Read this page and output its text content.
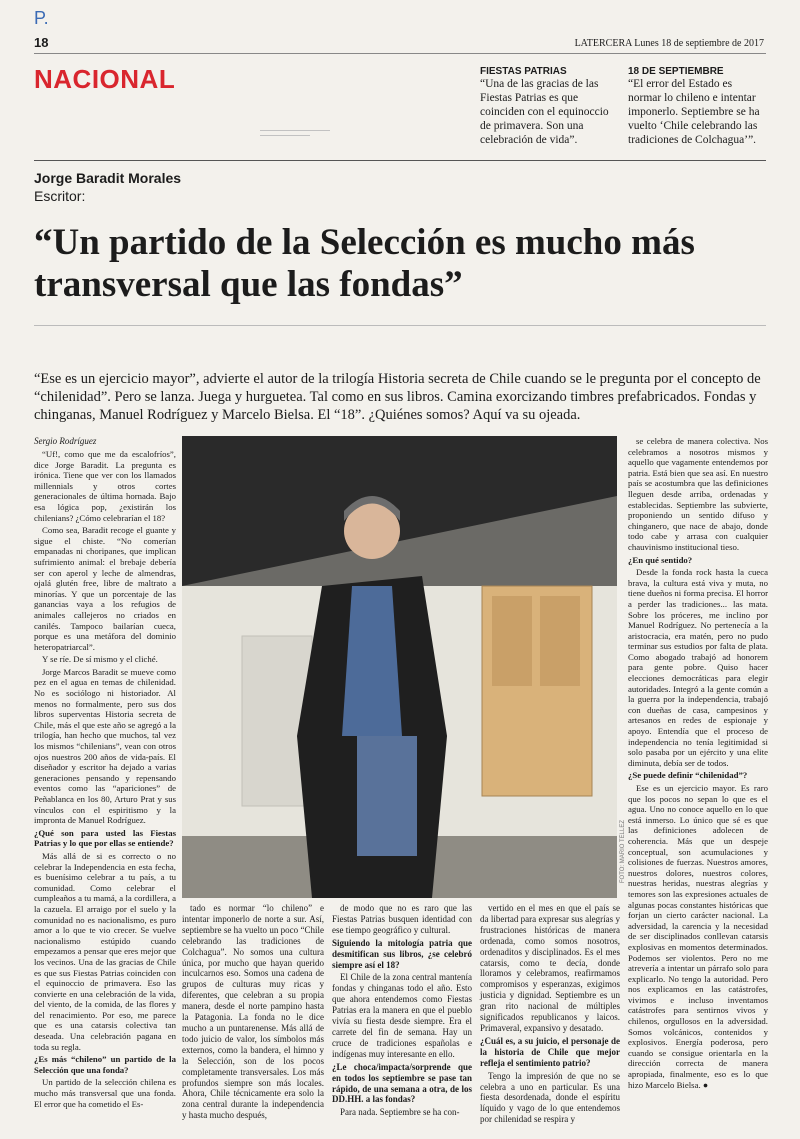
P.
18	LATERCERA Lunes 18 de septiembre de 2017
NACIONAL	FIESTAS PATRIAS
“Una de las gracias de las Fiestas Patrias es que coinciden con el equinoccio de primavera. Son una celebración de vida”.
18 DE SEPTIEMBRE
“El error del Estado es normar lo chileno e intentar imponerlo. Septiembre se ha vuelto ‘Chile celebrando las tradiciones de Colchagua’”.
Jorge Baradit Morales
Escritor:
“Un partido de la Selección es mucho más transversal que las fondas”
“Ese es un ejercicio mayor”, advierte el autor de la trilogía Historia secreta de Chile cuando se le pregunta por el concepto de “chilenidad”. Pero se lanza. Juega y hurguetea. Tal como en sus libros. Camina exorcizando timbres prefabricados. Fondas y chinganas, Manuel Rodríguez y Marcelo Bielsa. El “18”. ¿Quiénes somos? Aquí va su ojeada.
Sergio Rodríguez
FOTO: MARIO TÉLLEZ

“Uf!, como que me da escalofríos”, dice Jorge Baradit. La pregunta es irónica. Tiene que ver con los llamados millennials y otros cortes generacionales de última hornada. Bajo esa lógica pop, ¿existirán los chilenians? ¿Cómo celebrarían el 18?

Como sea, Baradit recoge el guante y sigue el chiste. “No comerían empanadas ni choripanes, que implican sufrimiento animal: el brebaje debería ser con aperol y leche de almendras, ojalá glutén free, libre de maltrato a minorías. Y que un porcentaje de las ganancias vaya a los refugios de animales callejeros no criados en canilés. Tampoco bailarían cueca, porque es una metáfora del dominio heteropatriarcal”.

Y se ríe. De sí mismo y el cliché.

Jorge Marcos Baradit se mueve como pez en el agua en temas de chilenidad. No es sociólogo ni historiador. Al menos no formalmente, pero sus dos libros superventas Historia secreta de Chile, más el que este año se agregó a la trilogía, han hecho que muchos, tal vez los mismos “chilenians”, vean con otros ojos nuestros 200 años de vida-país. El diseñador y escritor ha dejado a varias generaciones pensando y repensando eventos como las “apariciones” de Peñablanca en los 80, Arturo Prat y sus vínculos con el espiritismo y la impronta de Manuel Rodríguez.

¿Qué son para usted las Fiestas Patrias y lo que por ellas se entiende?

Más allá de si es correcto o no celebrar la Independencia en esta fecha, es buenísimo celebrar a tu país, a tu comunidad. Como celebrar el cumpleaños a tu mamá, a la cordillera, a la cazuela. El arraigo por el suelo y la comunidad no es nacionalismo, es puro amor a lo que te vio crecer. Se vuelve nacionalismo estúpido cuando empezamos a pensar que eres mejor que los vecinos. Una de las gracias de Chile es que sus Fiestas Patrias coinciden con el equinoccio de primavera. Eso las convierte en una celebración de la vida, del viento, de la comida, de las flores y del renacimiento. Por eso, me parece que es una catarsis colectiva tan deseada. Una celebración pagana en toda su regla.

¿Es más “chileno” un partido de la Selección que una fonda?

Un partido de la selección chilena es mucho más transversal que una fonda. El error que ha cometido el Es-

tado es normar “lo chileno” e intentar imponerlo de norte a sur. Así, septiembre se ha vuelto un poco “Chile celebrando las tradiciones de Colchagua”. No somos una cultura única, por mucho que hayan querido inculcarnos eso. Somos una cadena de grupos de culturas muy ricas y diferentes, que celebran a su propia manera, desde el norte pampino hasta la Patagonia. La fonda no le dice mucho a un puntarenense. Más allá de todo juicio de valor, los símbolos más externos, como la bandera, el himno y la Selección, son de los pocos completamente transversales. Los más profundos siempre son más locales. Ahora, Chile técnicamente era solo la zona central durante la independencia y hasta mucho después,

de modo que no es raro que las Fiestas Patrias busquen identidad con ese tiempo geográfico y cultural.

Siguiendo la mitología patria que desmitifican sus libros, ¿se celebró siempre así el 18?

El Chile de la zona central mantenía fondas y chinganas todo el año. Esto que ahora entendemos como Fiestas Patrias era la manera en que el pueblo vivía su fiesta desde siempre. Era el carrete del fin de semana. Hay un cruce de tradiciones españolas e indígenas muy interesante en ello.

¿Le choca/impacta/sorprende que en todos los septiembre se pase tan rápido, de una semana a otra, de los DD.HH. a las fondas?

Para nada. Septiembre se ha con-

vertido en el mes en que el país se da libertad para expresar sus alegrías y frustraciones históricas de manera ordenada, como somos nosotros, ordenaditos y disciplinados. Es el mes catarsis, como te decía, donde lloramos y celebramos, reafirmamos compromisos y esperanzas, exigimos justicia y dignidad. Septiembre es un gran rito nacional de múltiples significados republicanos y laicos. Primaveral, expansivo y desatado.

¿Cuál es, a su juicio, el personaje de la historia de Chile que mejor refleja el sentimiento patrio?

Tengo la impresión de que no se celebra a uno en particular. Es una fiesta desordenada, donde el espíritu líquido y vago de lo que entendemos por chilenidad se respira y

se celebra de manera colectiva. Nos celebramos a nosotros mismos y aquello que vagamente entendemos por patria. Está bien que sea así. En nuestro país se acostumbra que las definiciones lleguen desde arriba, ordenadas y establecidas. Septiembre las subvierte, proponiendo un sentido difuso y chinganero, que nace de abajo, donde todo cabe y arrasa con cualquier chauvinismo institucional tieso.

¿En qué sentido?

Desde la fonda rock hasta la cueca brava, la cultura está viva y muta, no tiene dueños ni forma precisa. El horror a perder las tradiciones... las mata. Sobre los próceres, me inclino por Manuel Rodríguez. No pertenecía a la aristocracia, era matén, pero no pudo terminar sus estudios por falta de plata. Como abogado trabajó ad honorem para gente pobre. Quiso hacer elecciones democráticas para elegir autoridades. Integró a la gente común a la guerra por la independencia, trabajó con dueñas de casa, campesinos y artesanos en redes de espionaje y apoyo. Entendía que el proceso de independencia no tenía legitimidad si solo pasaba por un ejército y una elite diminuta, debía ser de todos.

¿Se puede definir “chilenidad”?

Ese es un ejercicio mayor. Es raro que los pocos no sepan lo que es el agua. Uno no conoce aquello en lo que está inmerso. Lo único que sé es que las definiciones adolecen de coherencia. Más que un despeje conceptual, son acumulaciones y colisiones de fuerzas. Nuestros amores, nuestros dolores, nuestros colores, nuestras heridas, nuestras alegrías y temores son las expresiones actuales de algunas pocas constantes históricas que forjan un cierto carácter nacional. La adversidad, la carencia y la necesidad de ser disciplinados conllevan catarsis explosivas en momentos determinados. Podemos ser violentos. Pero no me atrevería a intentar un párrafo solo para explicarlo. No tengo la autoridad. Pero nos explicamos en las catástrofes, vivimos e incluso inventamos catástrofes para sentirnos vivos y chilenos, orgullosos en la adversidad. Somos volcánicos, contenidos y explosivos. Energía poderosa, pero cuando se consigue orientarla en la dirección correcta de manera apropiada, finalmente, eso es lo que hizo Marcelo Bielsa. ●
